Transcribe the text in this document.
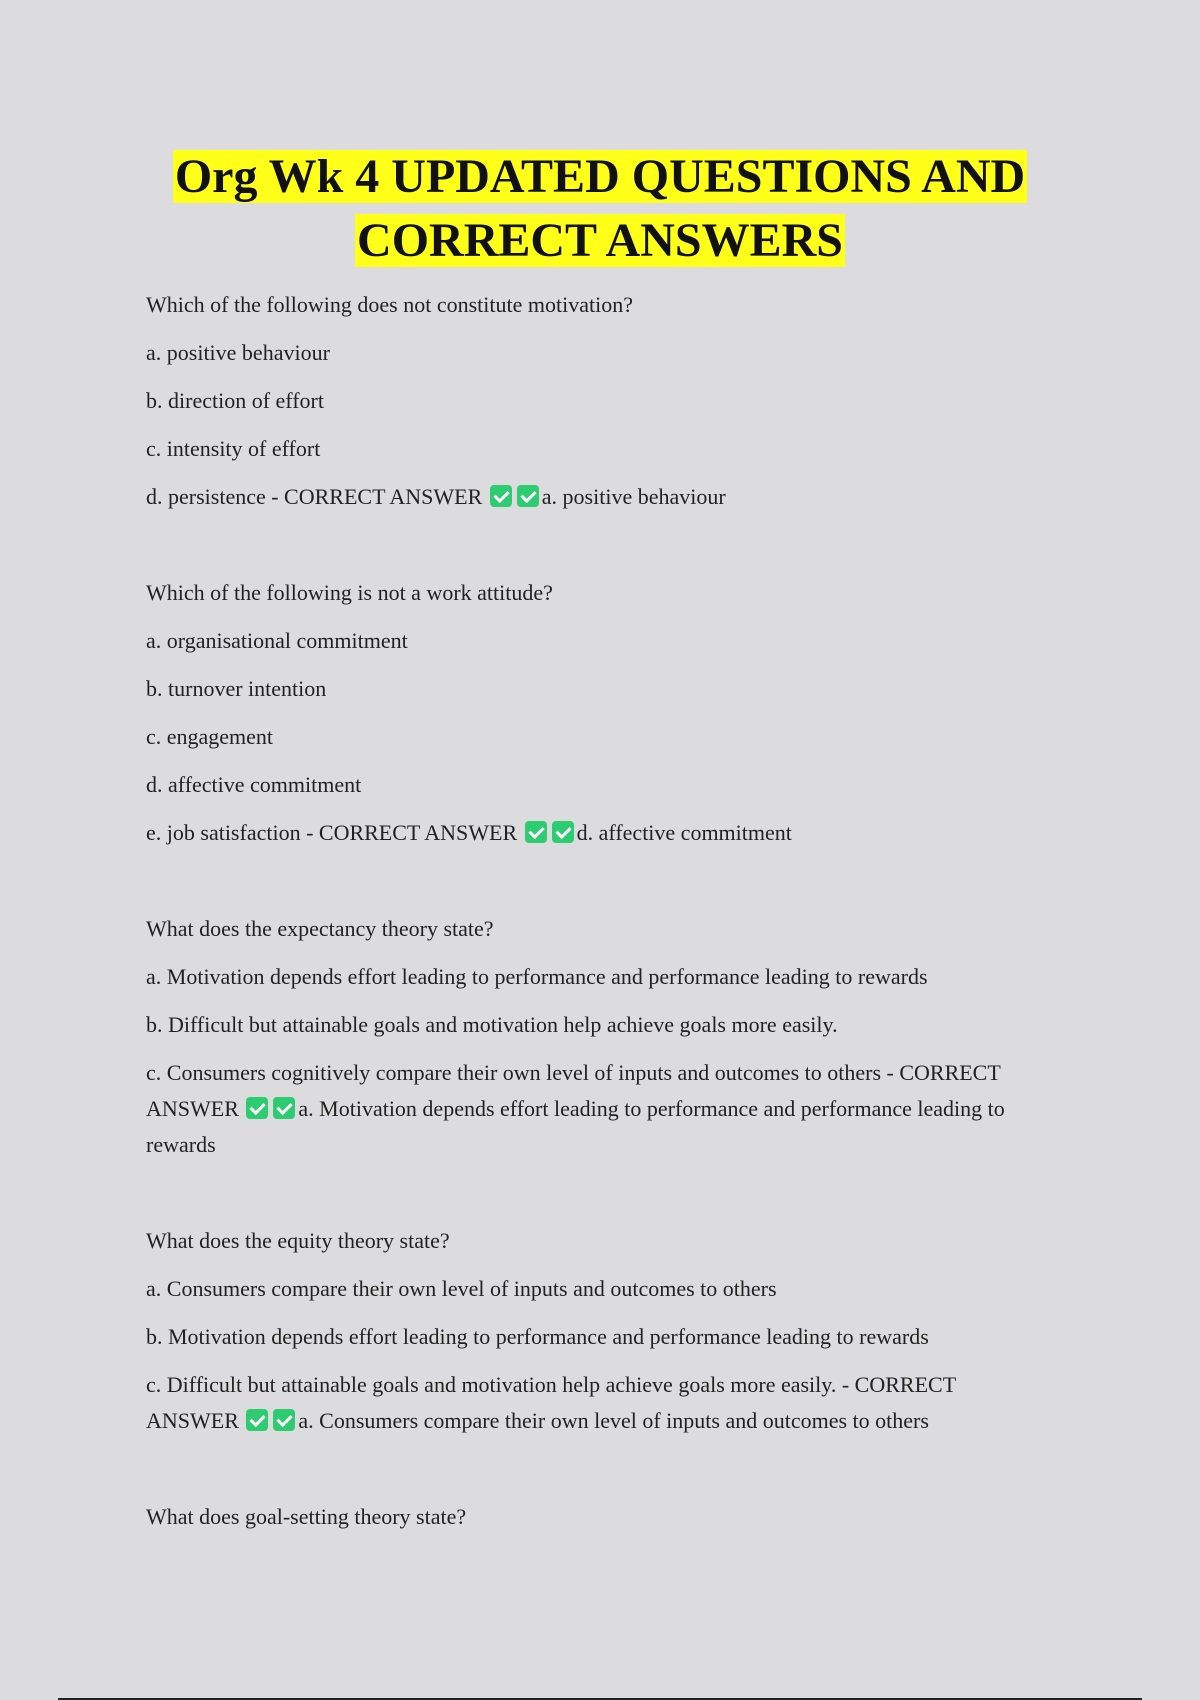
Org Wk 4 UPDATED QUESTIONS AND
CORRECT ANSWERS

Which of the following does not constitute motivation?

a. positive behaviour

b. direction of effort

c. intensity of effort

d. persistence - CORRECT ANSWER a. positive behaviour

Which of the following is not a work attitude?

a. organisational commitment

b. turnover intention

c. engagement

d. affective commitment

e. job satisfaction - CORRECT ANSWER d. affective commitment

What does the expectancy theory state?

a. Motivation depends effort leading to performance and performance leading to rewards

b. Difficult but attainable goals and motivation help achieve goals more easily.

c. Consumers cognitively compare their own level of inputs and outcomes to others - CORRECT ANSWER a. Motivation depends effort leading to performance and performance leading to rewards

What does the equity theory state?

a. Consumers compare their own level of inputs and outcomes to others

b. Motivation depends effort leading to performance and performance leading to rewards

c. Difficult but attainable goals and motivation help achieve goals more easily. - CORRECT ANSWER a. Consumers compare their own level of inputs and outcomes to others

What does goal-setting theory state?
